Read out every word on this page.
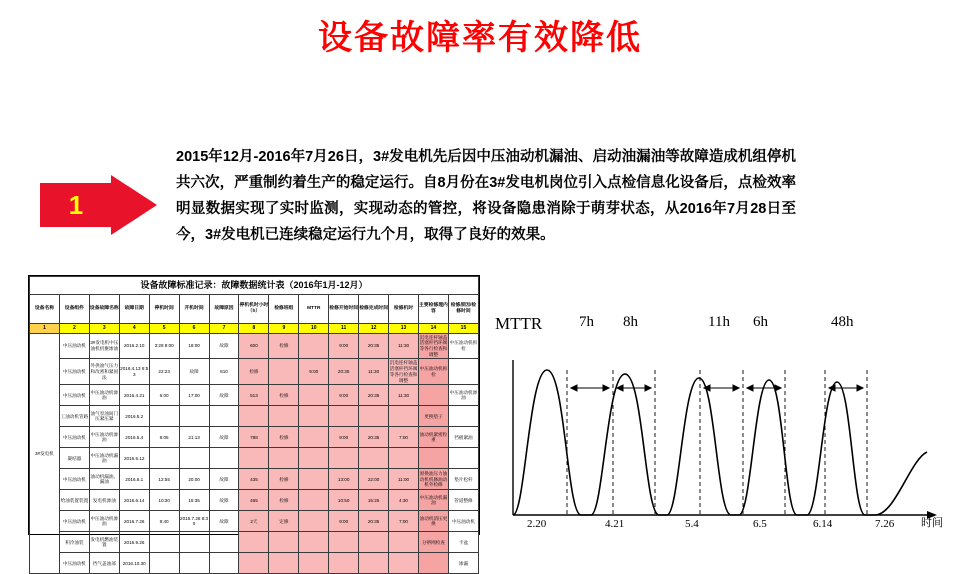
设备故障率有效降低
1
2015年12月-2016年7月26日，3#发电机先后因中压油动机漏油、启动油漏油等故障造成机组停机共六次，严重制约着生产的稳定运行。自8月份在3#发电机岗位引入点检信息化设备后，点检效率明显数据实现了实时监测，实现动态的管控，将设备隐患消除于萌芽状态，从2016年7月28日至今，3#发电机已连续稳定运行九个月，取得了良好的效果。
设备故障标准记录：故障数据统计表（2016年1月-12月）														
设备名称	设备组件	设备故障名称	故障日期	停机时间	开机时间	故障原因	停机机时小时（h）	检修班组	MTTR	检修开始时间	检修完成时间	检修机时	主要检修理内容	检修原因/检修时间
1	2	3	4	5	6	7	8	9	10	11	12	13	14	15
3#发电机	中压油动机	3#发电机中压油机机壅渗油	2016.2.10	3:28 8:00	18:00	故障	600	检修		9:00	20:35	11:30	沉电连杆轴盖活塞杆挡环阀等各行检查和调整	中压油动机拆检
	中压油动机	外供油气压力和改密和紧固法	2016.4.13 8:53	22:23	故障	810	检修		9:00	20:35	11:30	沉电连杆轴盖活塞杆挡环阀等各行检查和调整	中压油动机拆检	
	中压油动机	中压油动机渗油	2016.4.21	6:00	17:00	故障	513	检修		9:00	20:35	11:30		中压油动机渗油
	工油动机管路	油气泵油间门压紧压紧	2016.5.2										更换垫子	
	中压油动机	中压油动机渗油	2016.5.4	8:05	21:13	故障	788	检修		9:00	20:35	7:00	油动机紧密粒重	挡板紧油
	凝结器	中压油动机漏油	2016.5.12											
	中压油动机	油动机漏油、漏油	2016.6.1	12:55	20:00	故障	435	检修		13:00	22:00	11:00	原换油压力油动机机修油动机外检修	垫片松杆
	给油装置装置	发电机渗油	2016.6.14	10:30	15:35	故障	465	检修		10:50	15:25	4:30	中压油动机漏油	管道整修
	中压油动机	中压油动机渗油	2016.7.26	8:40	2016.7.28 8:30	故障	2天	定修		9:00	20:35	7:00	油动机消压更换	中压油动机
	积冷油装	发电机燃油装置	2016.9.26										分辨网检查	卡盆
	中压油动机	挡气盖油部	2016.10.30											渗漏
MTTR 7h 8h	11h 6h	48h
2.20	4.21	5.4	6.5	6.14	7.26 时间
